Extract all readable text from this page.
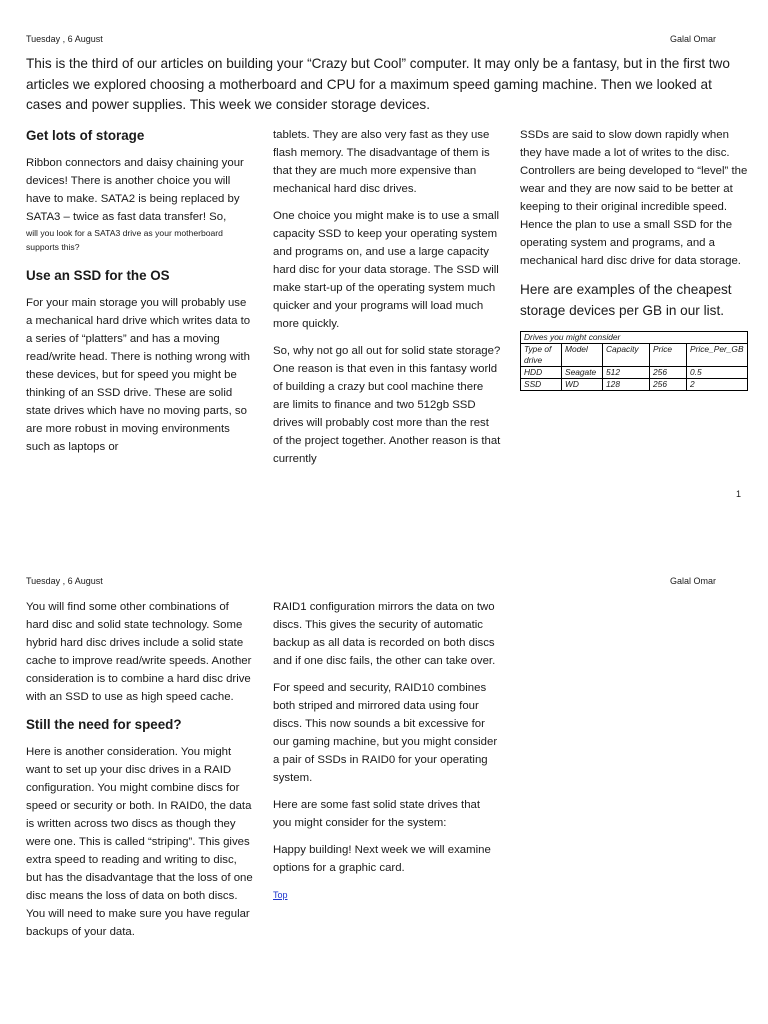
Tuesday , 6 August	Galal Omar

This is the third of our articles on building your “Crazy but Cool” computer. It may only be a fantasy, but in the first two articles we explored choosing a motherboard and CPU for a maximum speed gaming machine. Then we looked at cases and power supplies. This week we consider storage devices.

Get lots of storage

Ribbon connectors and daisy chaining your devices! There is another choice you will have to make. SATA2 is being replaced by SATA3 – twice as fast data transfer! So,
will you look for a SATA3 drive as your motherboard supports this?

Use an SSD for the OS

For your main storage you will probably use a mechanical hard drive which writes data to a series of “platters” and has a moving read/write head. There is nothing wrong with these devices, but for speed you might be thinking of an SSD drive. These are solid state drives which have no moving parts, so are more robust in moving environments such as laptops or

tablets. They are also very fast as they use flash memory. The disadvantage of them is that they are much more expensive than mechanical hard disc drives.

One choice you might make is to use a small capacity SSD to keep your operating system and programs on, and use a large capacity hard disc for your data storage. The SSD will make start-up of the operating system much quicker and your programs will load much more quickly.

So, why not go all out for solid state storage? One reason is that even in this fantasy world of building a crazy but cool machine there are limits to finance and two 512gb SSD drives will probably cost more than the rest of the project together. Another reason is that currently

SSDs are said to slow down rapidly when they have made a lot of writes to the disc. Controllers are being developed to “level” the wear and they are now said to be better at keeping to their original incredible speed. Hence the plan to use a small SSD for the operating system and programs, and a mechanical hard disc drive for data storage.

Here are examples of the cheapest storage devices per GB in our list.
Drives you might consider				
Type of drive	Model	Capacity	Price	Price_Per_GB
HDD	Seagate	512	256	0.5
SSD	WD	128	256	2
1
Tuesday , 6 August	Galal Omar

You will find some other combinations of hard disc and solid state technology. Some hybrid hard disc drives include a solid state cache to improve read/write speeds. Another consideration is to combine a hard disc drive with an SSD to use as high speed cache.

Still the need for speed?

Here is another consideration. You might want to set up your disc drives in a RAID configuration. You might combine discs for speed or security or both. In RAID0, the data is written across two discs as though they were one. This is called “striping”. This gives extra speed to reading and writing to disc, but has the disadvantage that the loss of one disc means the loss of data on both discs. You will need to make sure you have regular backups of your data.

RAID1 configuration mirrors the data on two discs. This gives the security of automatic backup as all data is recorded on both discs and if one disc fails, the other can take over.

For speed and security, RAID10 combines both striped and mirrored data using four discs. This now sounds a bit excessive for our gaming machine, but you might consider a pair of SSDs in RAID0 for your operating system.

Here are some fast solid state drives that you might consider for the system:

Happy building! Next week we will examine options for a graphic card.

Top
